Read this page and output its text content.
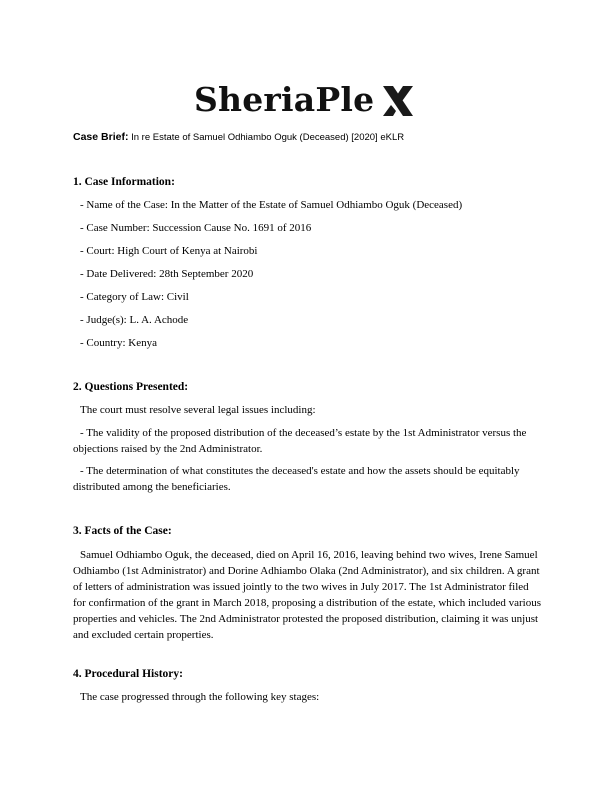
SheriaPle
Case Brief: In re Estate of Samuel Odhiambo Oguk (Deceased) [2020] eKLR
1. Case Information:
- Name of the Case: In the Matter of the Estate of Samuel Odhiambo Oguk (Deceased)
- Case Number: Succession Cause No. 1691 of 2016
- Court: High Court of Kenya at Nairobi
- Date Delivered: 28th September 2020
- Category of Law: Civil
- Judge(s): L. A. Achode
- Country: Kenya
2. Questions Presented:
The court must resolve several legal issues including:

- The validity of the proposed distribution of the deceased’s estate by the 1st Administrator versus the objections raised by the 2nd Administrator.

- The determination of what constitutes the deceased's estate and how the assets should be equitably distributed among the beneficiaries.

3. Facts of the Case:

Samuel Odhiambo Oguk, the deceased, died on April 16, 2016, leaving behind two wives, Irene Samuel Odhiambo (1st Administrator) and Dorine Adhiambo Olaka (2nd Administrator), and six children. A grant of letters of administration was issued jointly to the two wives in July 2017. The 1st Administrator filed for confirmation of the grant in March 2018, proposing a distribution of the estate, which included various properties and vehicles. The 2nd Administrator protested the proposed distribution, claiming it was unjust and excluded certain properties.

4. Procedural History:
The case progressed through the following key stages:
